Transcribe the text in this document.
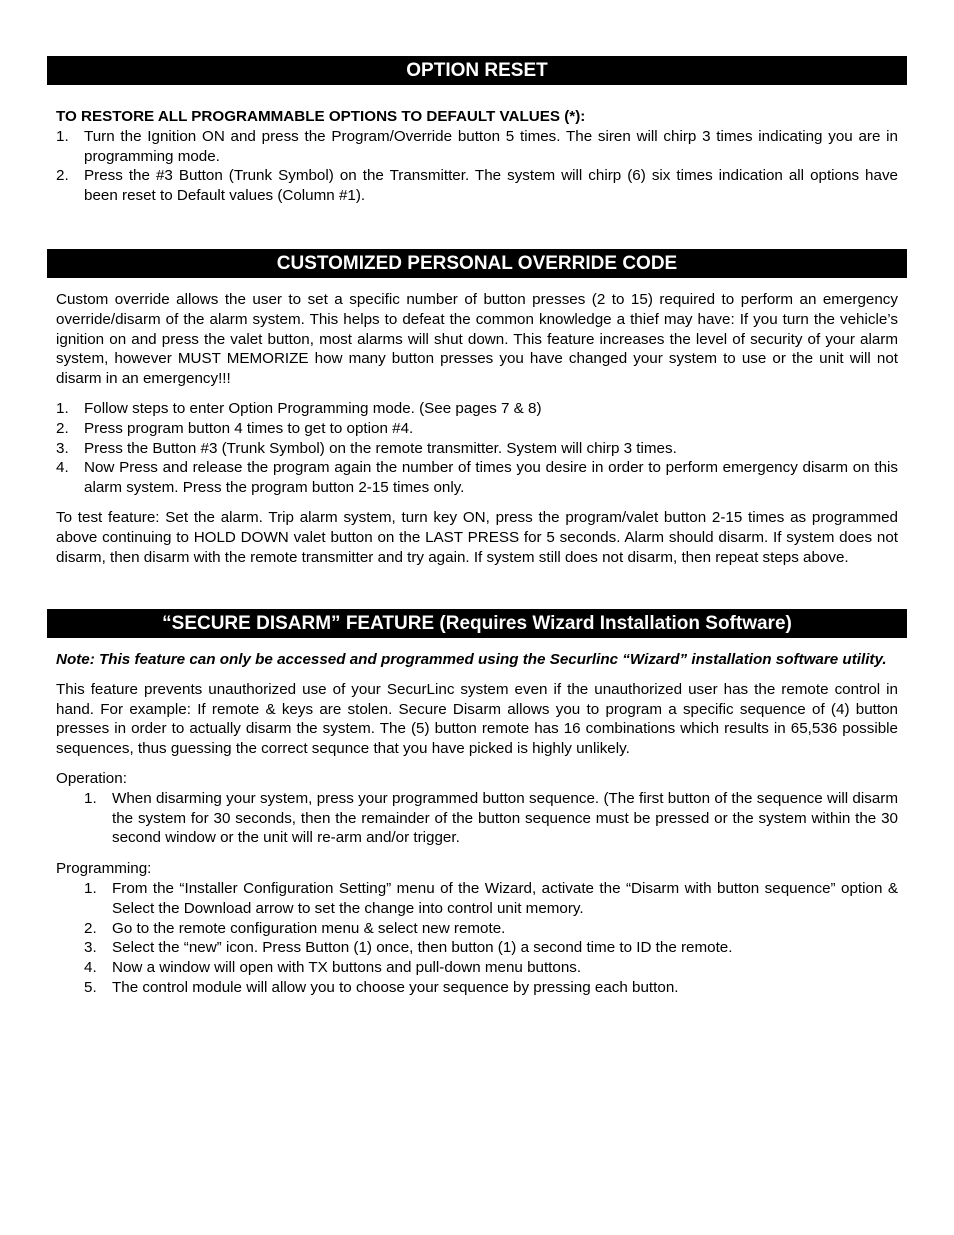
OPTION RESET

TO RESTORE ALL PROGRAMMABLE OPTIONS TO DEFAULT VALUES (*):

1. Turn the Ignition ON and press the Program/Override button 5 times. The siren will chirp 3 times indicating you are in programming mode.
2. Press the #3 Button (Trunk Symbol) on the Transmitter. The system will chirp (6) six times indication all options have been reset to Default values (Column #1).
CUSTOMIZED PERSONAL OVERRIDE CODE

Custom override allows the user to set a specific number of button presses (2 to 15) required to perform an emergency override/disarm of the alarm system. This helps to defeat the common knowledge a thief may have: If you turn the vehicle’s ignition on and press the valet button, most alarms will shut down. This feature increases the level of security of your alarm system, however MUST MEMORIZE how many button presses you have changed your system to use or the unit will not disarm in an emergency!!!

1. Follow steps to enter Option Programming mode. (See pages 7 & 8)
2. Press program button 4 times to get to option #4.
3. Press the Button #3 (Trunk Symbol) on the remote transmitter. System will chirp 3 times.
4. Now Press and release the program again the number of times you desire in order to perform emergency disarm on this alarm system. Press the program button 2-15 times only.

To test feature: Set the alarm. Trip alarm system, turn key ON, press the program/valet button 2-15 times as programmed above continuing to HOLD DOWN valet button on the LAST PRESS for 5 seconds. Alarm should disarm. If system does not disarm, then disarm with the remote transmitter and try again. If system still does not disarm, then repeat steps above.

“SECURE DISARM” FEATURE (Requires Wizard Installation Software)

Note: This feature can only be accessed and programmed using the Securlinc “Wizard” installation software utility.

This feature prevents unauthorized use of your SecurLinc system even if the unauthorized user has the remote control in hand. For example: If remote & keys are stolen. Secure Disarm allows you to program a specific sequence of (4) button presses in order to actually disarm the system. The (5) button remote has 16 combinations which results in 65,536 possible sequences, thus guessing the correct sequnce that you have picked is highly unlikely.

Operation:

1. When disarming your system, press your programmed button sequence. (The first button of the sequence will disarm the system for 30 seconds, then the remainder of the button sequence must be pressed or the system within the 30 second window or the unit will re-arm and/or trigger.

Programming:

1. From the “Installer Configuration Setting” menu of the Wizard, activate the “Disarm with button sequence” option & Select the Download arrow to set the change into control unit memory.
2. Go to the remote configuration menu & select new remote.
3. Select the “new” icon. Press Button (1) once, then button (1) a second time to ID the remote.
4. Now a window will open with TX buttons and pull-down menu buttons.
5. The control module will allow you to choose your sequence by pressing each button.
